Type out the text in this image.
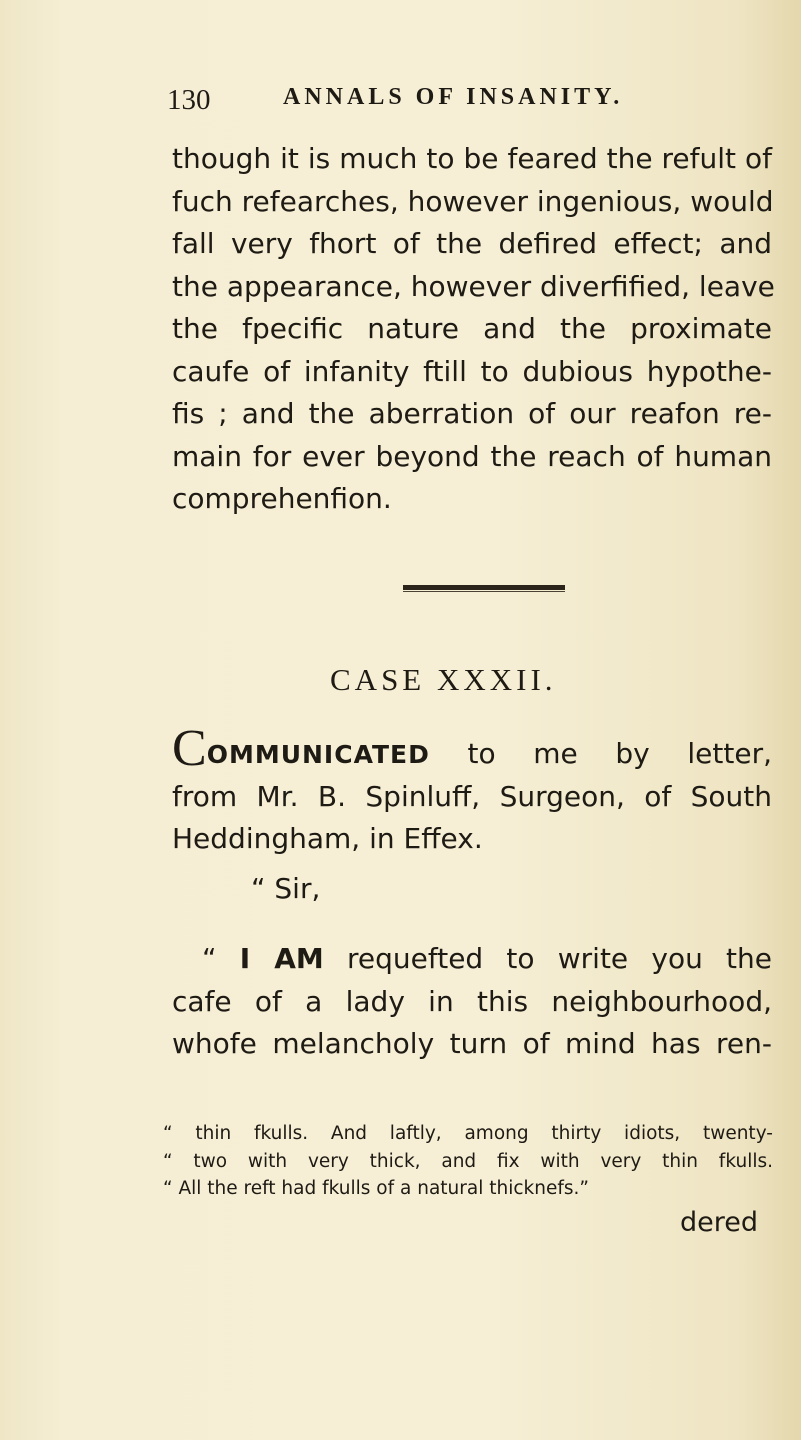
130	ANNALS OF INSANITY.
though it is much to be feared the refult of
fuch refearches, however ingenious, would
fall very fhort of the defired effect; and
the appearance, however diverfified, leave
the fpecific nature and the proximate
caufe of infanity ftill to dubious hypothe-
fis ; and the aberration of our reafon re-
main for ever beyond the reach of human
comprehenfion.
CASE XXXII.
COMMUNICATED to me by letter,
from Mr. B. Spinluff, Surgeon, of South
Heddingham, in Effex.
“ Sir,
“ I AM requefted to write you the
cafe of a lady in this neighbourhood,
whofe melancholy turn of mind has ren-
“ thin fkulls. And laftly, among thirty idiots, twenty-
“ two with very thick, and fix with very thin fkulls.
“ All the reft had fkulls of a natural thicknefs.”
dered
